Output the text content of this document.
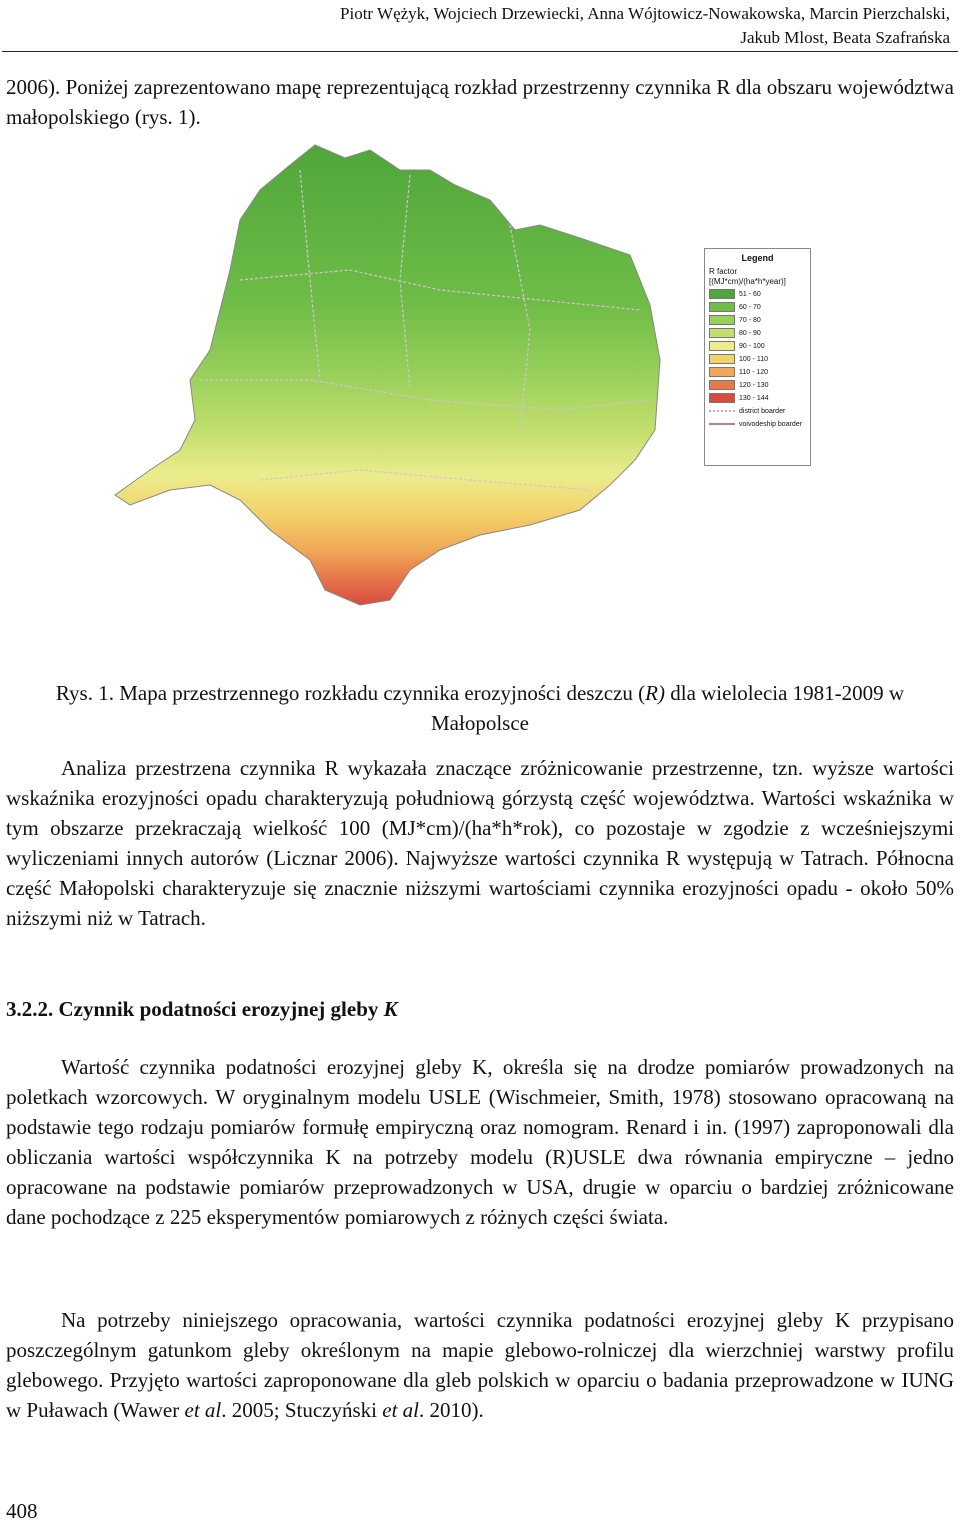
Piotr Wężyk, Wojciech Drzewiecki, Anna Wójtowicz-Nowakowska, Marcin Pierzchalski,
Jakub Mlost, Beata Szafrańska

2006). Poniżej zaprezentowano mapę reprezentującą rozkład przestrzenny czynnika R dla obszaru województwa małopolskiego (rys. 1).

Legend
R factor
[(MJ*cm)/(ha*h*year)]
51 - 60
60 - 70
70 - 80
80 - 90
90 - 100
100 - 110
110 - 120
120 - 130
130 - 144
district boarder
voivodeship boarder
Rys. 1. Mapa przestrzennego rozkładu czynnika erozyjności deszczu (R) dla wielolecia 1981-2009 w Małopolsce

Analiza przestrzena czynnika R wykazała znaczące zróżnicowanie przestrzenne, tzn. wyższe wartości wskaźnika erozyjności opadu charakteryzują południową górzystą część województwa. Wartości wskaźnika w tym obszarze przekraczają wielkość 100 (MJ*cm)/(ha*h*rok), co pozostaje w zgodzie z wcześniejszymi wyliczeniami innych autorów (Licznar 2006). Najwyższe wartości czynnika R występują w Tatrach. Północna część Małopolski charakteryzuje się znacznie niższymi wartościami czynnika erozyjności opadu - około 50% niższymi niż w Tatrach.

3.2.2. Czynnik podatności erozyjnej gleby K

Wartość czynnika podatności erozyjnej gleby K, określa się na drodze pomiarów prowadzonych na poletkach wzorcowych. W oryginalnym modelu USLE (Wischmeier, Smith, 1978) stosowano opracowaną na podstawie tego rodzaju pomiarów formułę empiryczną oraz nomogram. Renard i in. (1997) zaproponowali dla obliczania wartości współczynnika K na potrzeby modelu (R)USLE dwa równania empiryczne – jedno opracowane na podstawie pomiarów przeprowadzonych w USA, drugie w oparciu o bardziej zróżnicowane dane pochodzące z 225 eksperymentów pomiarowych z różnych części świata.

Na potrzeby niniejszego opracowania, wartości czynnika podatności erozyjnej gleby K przypisano poszczególnym gatunkom gleby określonym na mapie glebowo-rolniczej dla wierzchniej warstwy profilu glebowego. Przyjęto wartości zaproponowane dla gleb polskich w oparciu o badania przeprowadzone w IUNG w Puławach (Wawer et al. 2005; Stuczyński et al. 2010).

408
